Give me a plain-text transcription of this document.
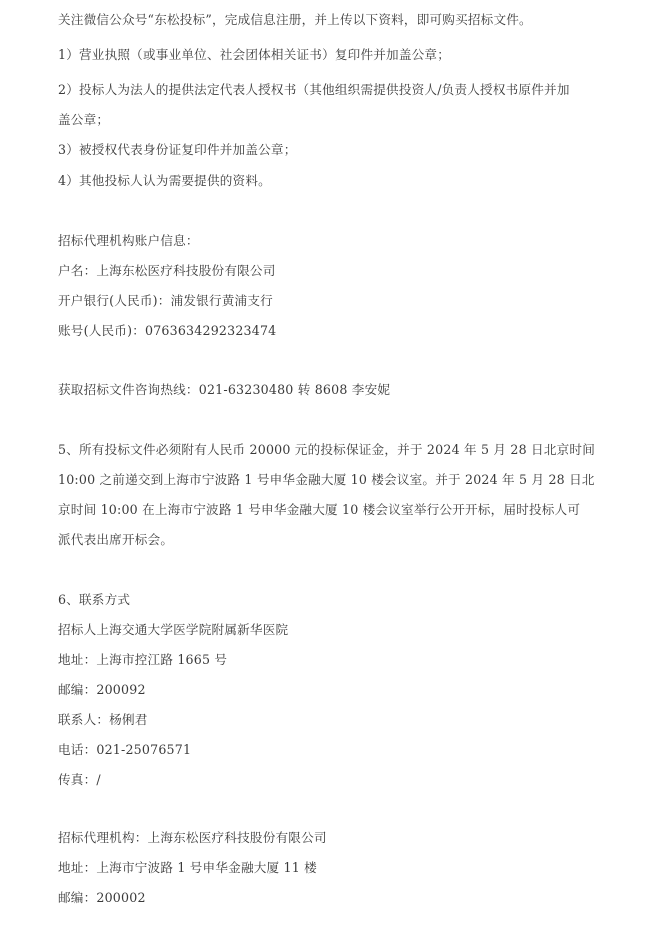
关注微信公众号“东松投标”，完成信息注册，并上传以下资料，即可购买招标文件。
1）营业执照（或事业单位、社会团体相关证书）复印件并加盖公章；
2）投标人为法人的提供法定代表人授权书（其他组织需提供投资人/负责人授权书原件并加
盖公章；
3）被授权代表身份证复印件并加盖公章；
4）其他投标人认为需要提供的资料。
招标代理机构账户信息：
户名：上海东松医疗科技股份有限公司
开户银行(人民币)：浦发银行黄浦支行
账号(人民币)：076363429232347​4
获取招标文件咨询热线：021-63230480 转 8608 李安妮
5、所有投标文件必须附有人民币 20000 元的投标保证金，并于 2024 年 5 月 28 日北京时间
10:00 之前递交到上海市宁波路 1 号申华金融大厦 10 楼会议室。并于 2024 年 5 月 28 日北
京时间 10:00 在上海市宁波路 1 号申华金融大厦 10 楼会议室举行公开开标，届时投标人可
派代表出席开标会。
6、联系方式
招标人上海交通大学医学院附属新华医院
地址：上海市控江路 1665 号
邮编：200092
联系人：杨俐君
电话：021-25076571
传真：/
招标代理机构：上海东松医疗科技股份有限公司
地址：上海市宁波路 1 号申华金融大厦 11 楼
邮编：200002
